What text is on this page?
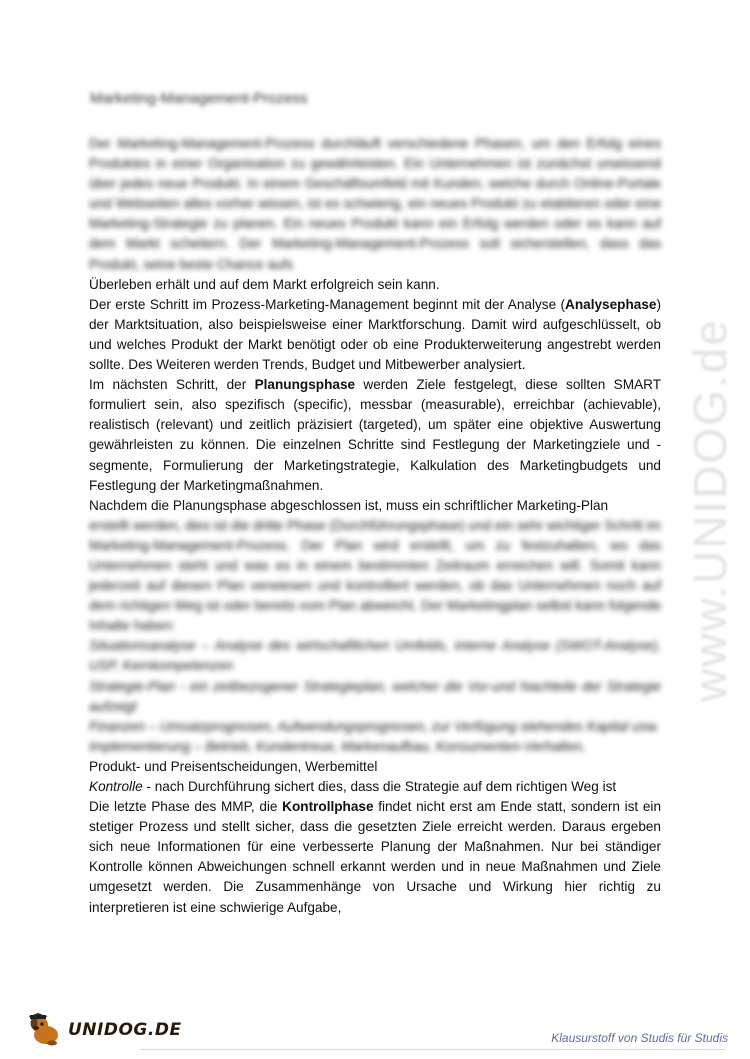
www.UNIDOG.de
Marketing-Management-Prozess

Der Marketing-Management-Prozess durchläuft verschiedene Phasen, um den Erfolg eines Produktes in einer Organisation zu gewährleisten. Ein Unternehmen ist zunächst unwissend über jedes neue Produkt. In einem Geschäftsumfeld mit Kunden, welche durch Online-Portale und Webseiten alles vorher wissen, ist es schwierig, ein neues Produkt zu etablieren oder eine Marketing-Strategie zu planen. Ein neues Produkt kann ein Erfolg werden oder es kann auf dem Markt scheitern. Der Marketing-Management-Prozess soll sicherstellen, dass das Produkt, seine beste Chance aufs

Überleben erhält und auf dem Markt erfolgreich sein kann.

Der erste Schritt im Prozess-Marketing-Management beginnt mit der Analyse (Analysephase) der Marktsituation, also beispielsweise einer Marktforschung. Damit wird aufgeschlüsselt, ob und welches Produkt der Markt benötigt oder ob eine Produkterweiterung angestrebt werden sollte. Des Weiteren werden Trends, Budget und Mitbewerber analysiert.

Im nächsten Schritt, der Planungsphase werden Ziele festgelegt, diese sollten SMART formuliert sein, also spezifisch (specific), messbar (measurable), erreichbar (achievable), realistisch (relevant) und zeitlich präzisiert (targeted), um später eine objektive Auswertung gewährleisten zu können. Die einzelnen Schritte sind Festlegung der Marketingziele und -segmente, Formulierung der Marketingstrategie, Kalkulation des Marketingbudgets und Festlegung der Marketingmaßnahmen.

Nachdem die Planungsphase abgeschlossen ist, muss ein schriftlicher Marketing-Plan

erstellt werden, dies ist die dritte Phase (Durchführungsphase) und ein sehr wichtiger Schritt im Marketing-Management-Prozess. Der Plan wird erstellt, um zu festzuhalten, wo das Unternehmen steht und was es in einem bestimmten Zeitraum erreichen will. Somit kann jederzeit auf diesen Plan verwiesen und kontrolliert werden, ob das Unternehmen noch auf dem richtigen Weg ist oder bereits vom Plan abweicht. Der Marketingplan selbst kann folgende Inhalte haben:

Situationsanalyse – Analyse des wirtschaftlichen Umfelds, interne Analyse (SWOT-Analyse), USP, Kernkompetenzen

Strategie-Plan - ein zeitbezogener Strategieplan, welcher die Vor-und Nachteile der Strategie aufzeigt

Finanzen – Umsatzprognosen, Aufwendungsprognosen, zur Verfügung stehendes Kapital usw.

Implementierung – Betrieb, Kundentreue, Markenaufbau, Konsumenten-Verhalten,

Produkt- und Preisentscheidungen, Werbemittel

Kontrolle - nach Durchführung sichert dies, dass die Strategie auf dem richtigen Weg ist

Die letzte Phase des MMP, die Kontrollphase findet nicht erst am Ende statt, sondern ist ein stetiger Prozess und stellt sicher, dass die gesetzten Ziele erreicht werden. Daraus ergeben sich neue Informationen für eine verbesserte Planung der Maßnahmen. Nur bei ständiger Kontrolle können Abweichungen schnell erkannt werden und in neue Maßnahmen und Ziele umgesetzt werden. Die Zusammenhänge von Ursache und Wirkung hier richtig zu interpretieren ist eine schwierige Aufgabe,

UNIDOG.DE	Klausurstoff von Studis für Studis
